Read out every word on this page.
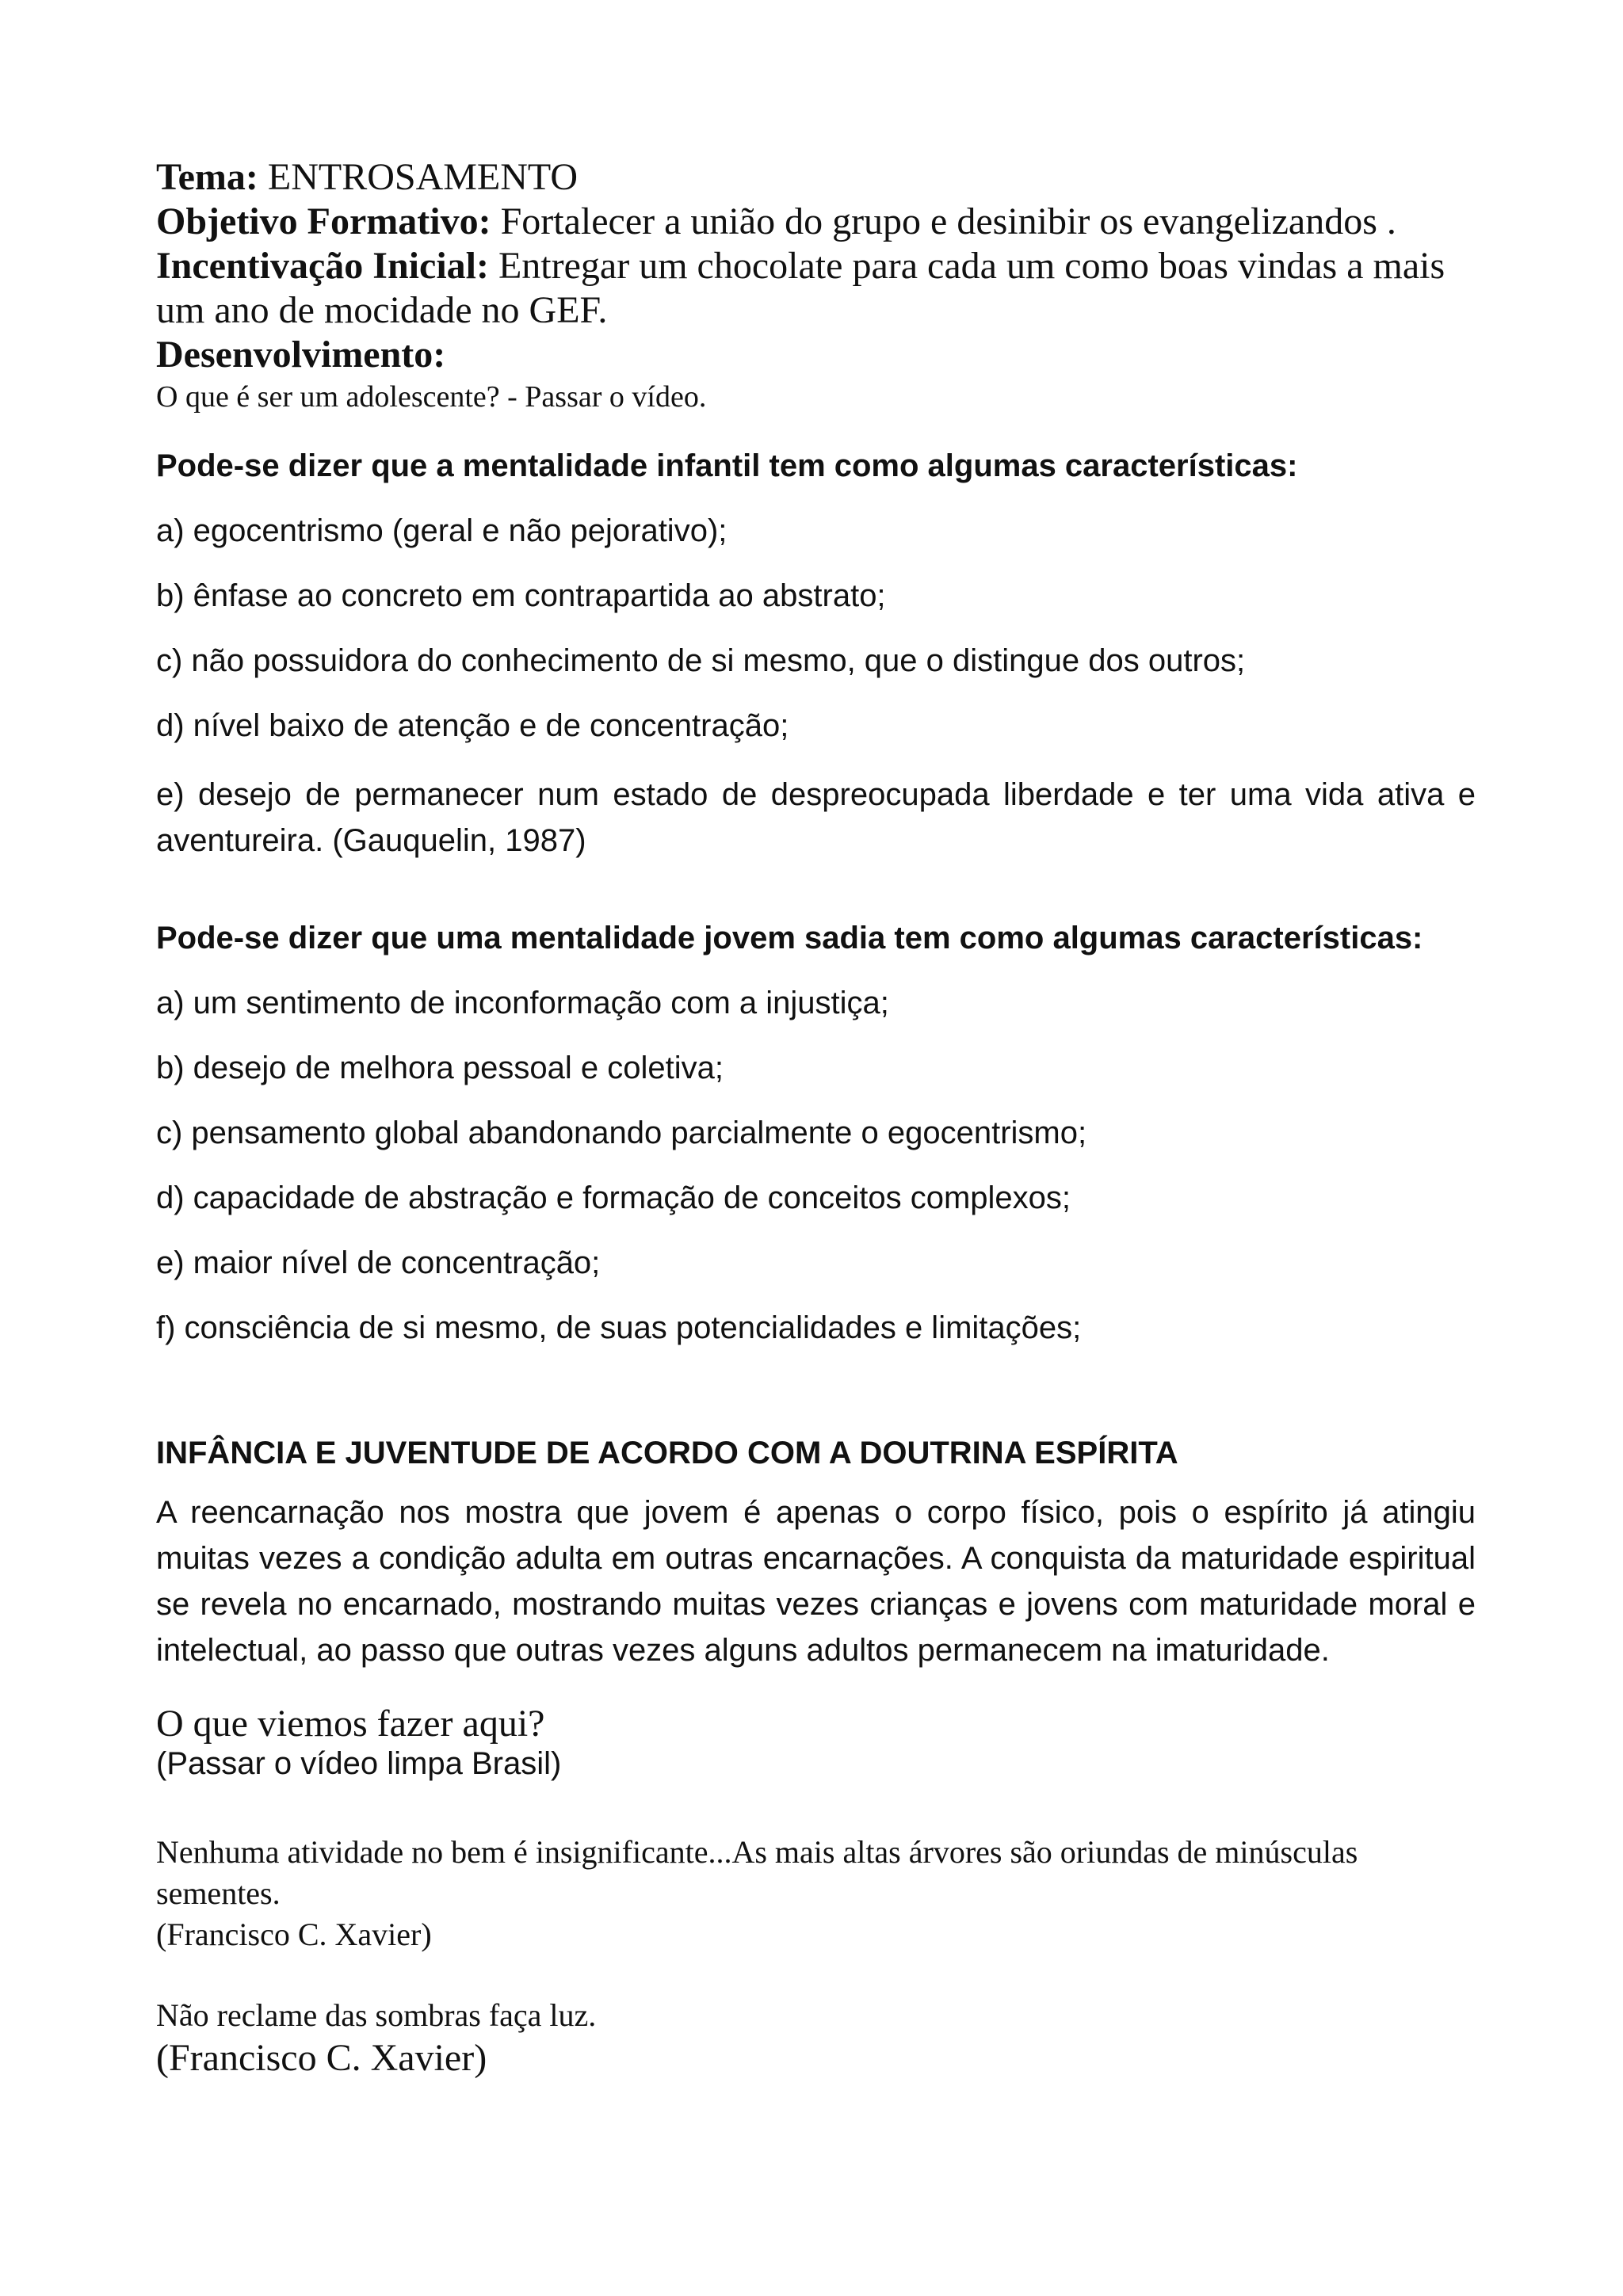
Tema: ENTROSAMENTO
Objetivo Formativo: Fortalecer a união do grupo e desinibir os evangelizandos .
Incentivação Inicial: Entregar um chocolate para cada um como boas vindas a mais um ano de mocidade no GEF.
Desenvolvimento:
O que é ser um adolescente? - Passar o vídeo.
Pode-se dizer que a mentalidade infantil tem como algumas características:
a) egocentrismo (geral e não pejorativo);
b) ênfase ao concreto em contrapartida ao abstrato;
c) não possuidora do conhecimento de si mesmo, que o distingue dos outros;
d) nível baixo de atenção e de concentração;
e) desejo de permanecer num estado de despreocupada liberdade e ter uma vida ativa e aventureira. (Gauquelin, 1987)
Pode-se dizer que uma mentalidade jovem sadia tem como algumas características:
a) um sentimento de inconformação com a injustiça;
b) desejo de melhora pessoal e coletiva;
c) pensamento global abandonando parcialmente o egocentrismo;
d) capacidade de abstração e formação de conceitos complexos;
e) maior nível de concentração;
f) consciência de si mesmo, de suas potencialidades e limitações;
INFÂNCIA E JUVENTUDE DE ACORDO COM A DOUTRINA ESPÍRITA
A reencarnação nos mostra que jovem é apenas o corpo físico, pois o espírito já atingiu muitas vezes a condição adulta em outras encarnações. A conquista da maturidade espiritual se revela no encarnado, mostrando muitas vezes crianças e jovens com maturidade moral e intelectual, ao passo que outras vezes alguns adultos permanecem na imaturidade.
O que viemos fazer aqui?
(Passar o vídeo limpa Brasil)
Nenhuma atividade no bem é insignificante...As mais altas árvores são oriundas de minúsculas sementes.
(Francisco C. Xavier)
Não reclame das sombras faça luz.
(Francisco C. Xavier)
